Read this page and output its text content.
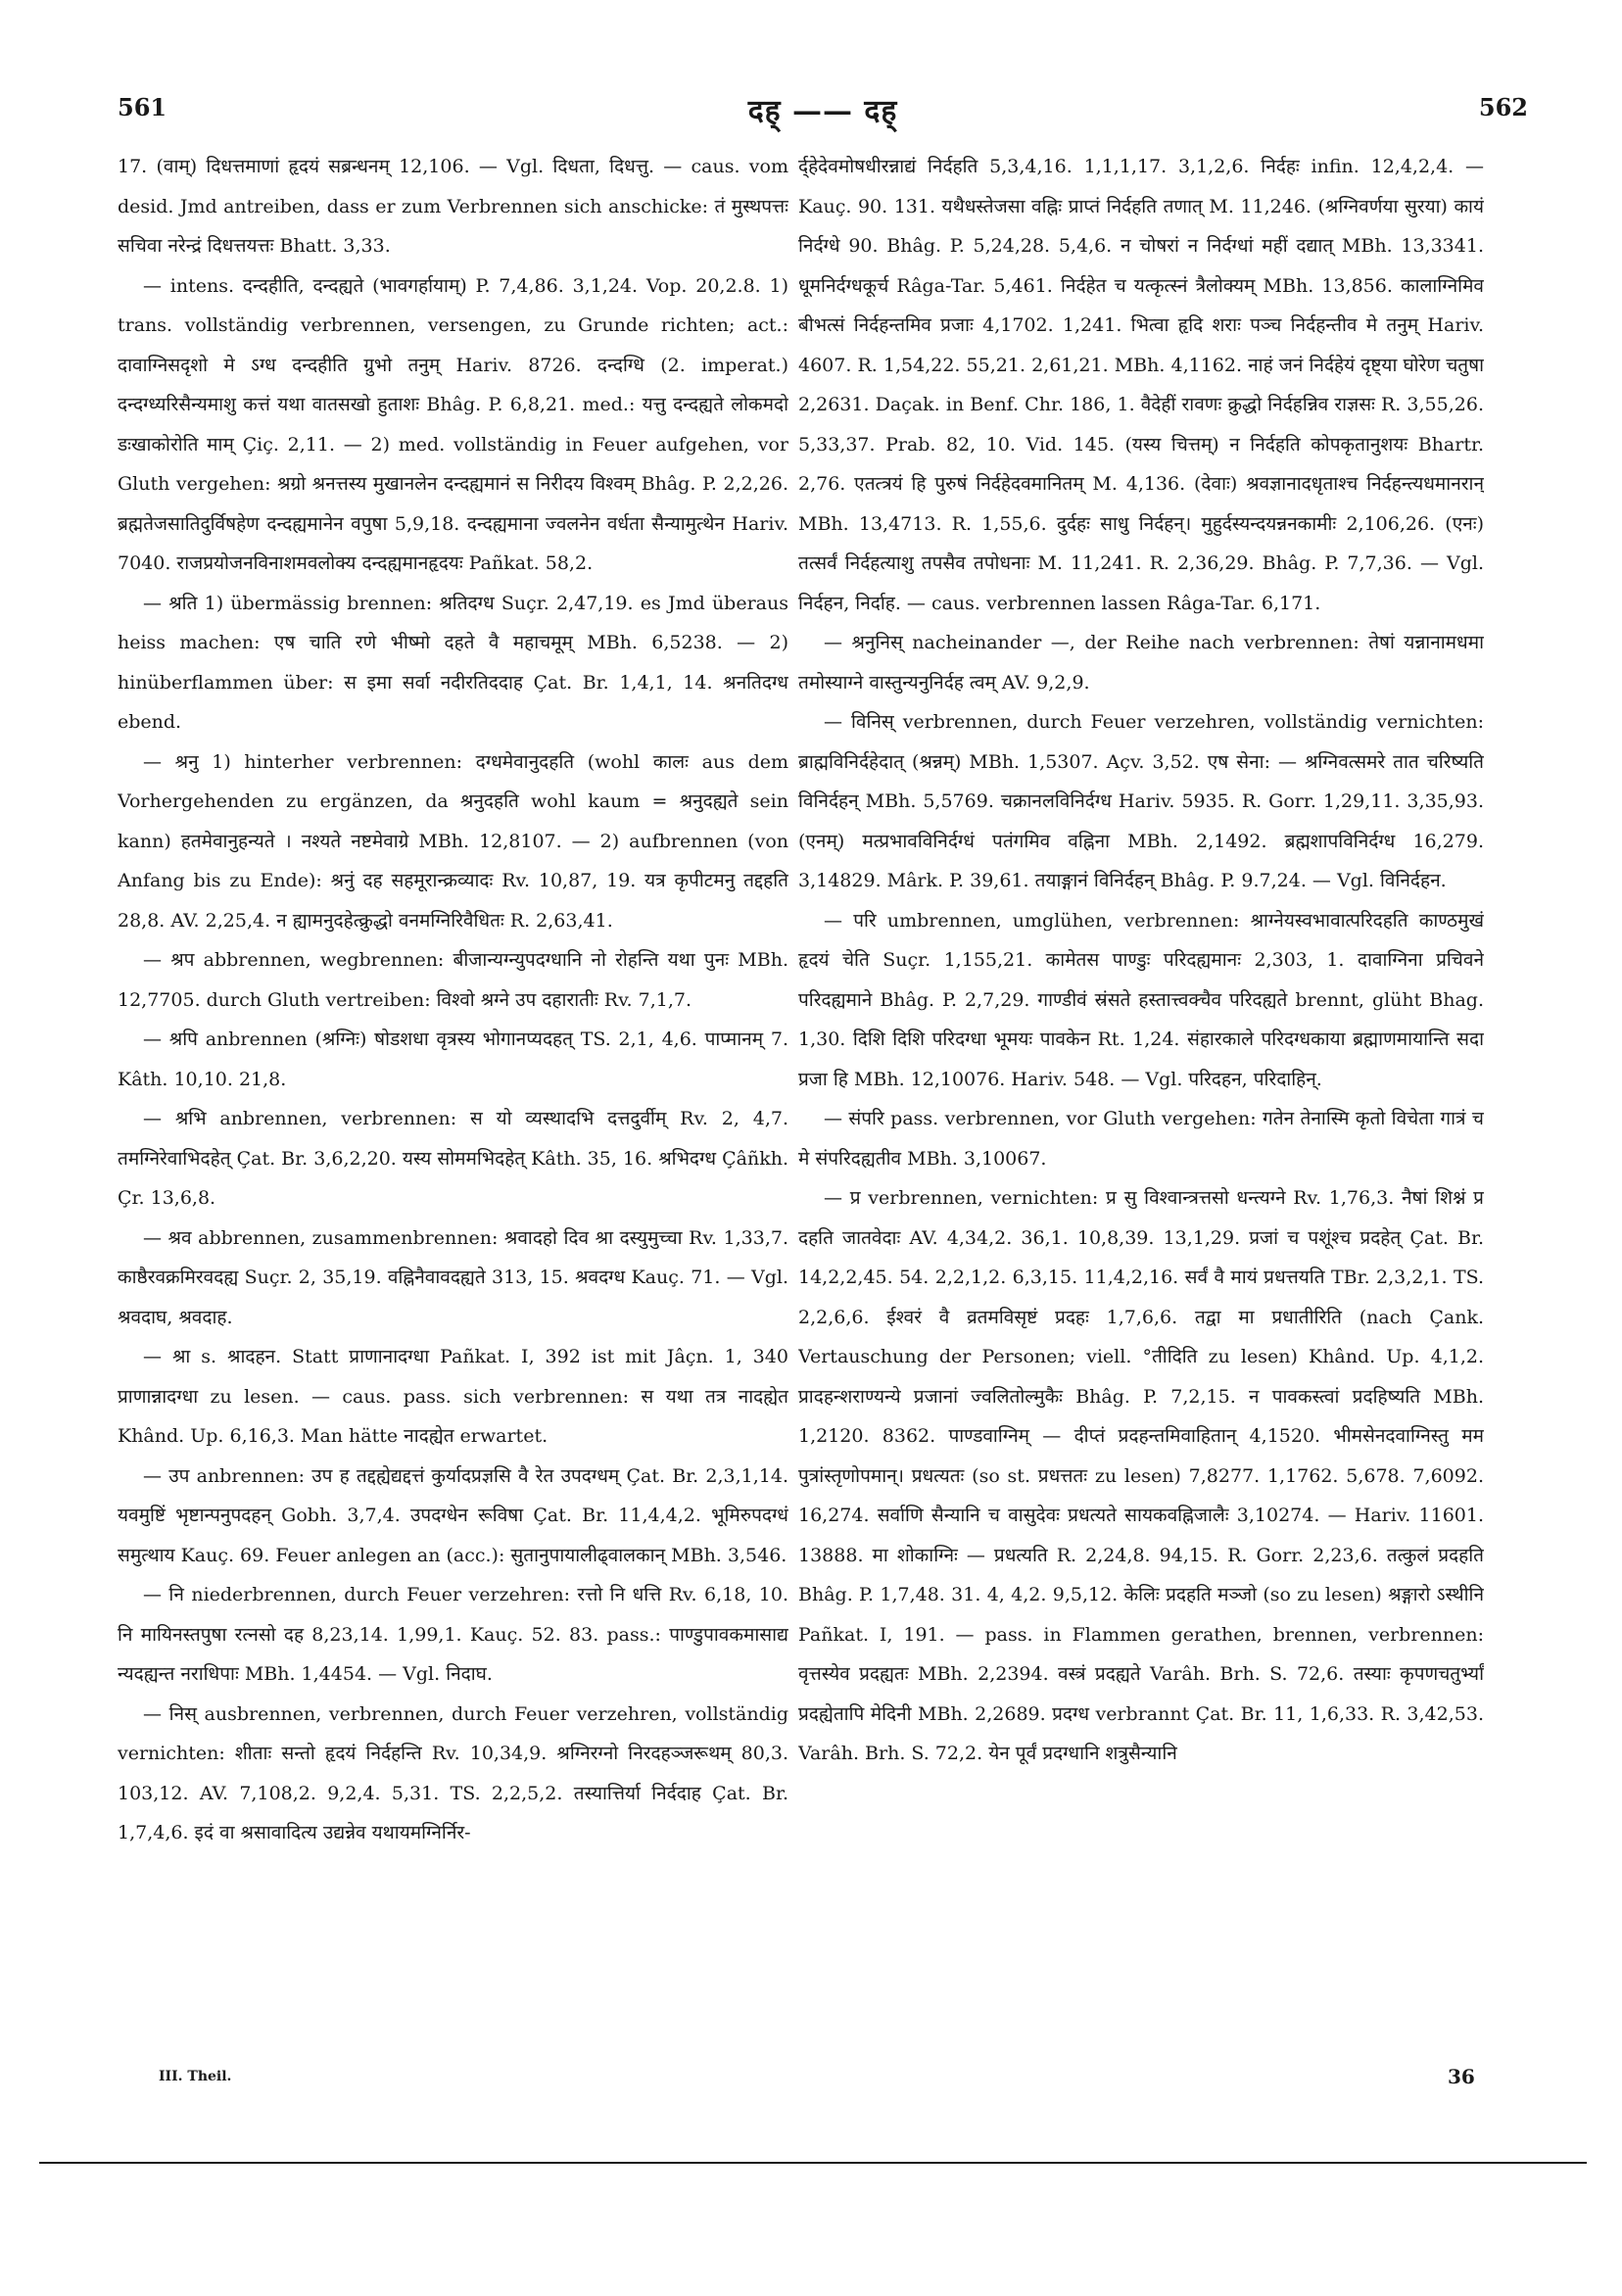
561	दह् —— दह्	562

17. (वाम्) दिधत्तमाणां हृदयं सब्रन्धनम् 12,106. — Vgl. दिधता, दिधत्तु. — caus. vom desid. Jmd antreiben, dass er zum Verbrennen sich anschicke: तं मुस्थपत्तः सचिवा नरेन्द्रं दिधत्तयत्तः Bhatt. 3,33.

— intens. दन्दहीति, दन्दह्यते (भावगर्हायाम्) P. 7,4,86. 3,1,24. Vop. 20,2.8. 1) trans. vollständig verbrennen, versengen, zu Grunde richten; act.: दावाग्निसदृशो मे ऽग्ध दन्दहीति ग्रुभो तनुम् Hariv. 8726. दन्दग्धि (2. imperat.) दन्दग्ध्यरिसैन्यमाशु कत्तं यथा वातसखो हुताशः Bhâg. P. 6,8,21. med.: यत्तु दन्दह्यते लोकमदो डःखाकोरोति माम् Çiç. 2,11. — 2) med. vollständig in Feuer aufgehen, vor Gluth vergehen: श्रग्रो श्रनत्तस्य मुखानलेन दन्दह्यमानं स निरीदय विश्वम् Bhâg. P. 2,2,26. ब्रह्मतेजसातिदुर्विषहेण दन्दह्यमानेन वपुषा 5,9,18. दन्दह्यमाना ज्वलनेन वर्धता सैन्यामुत्थेन Hariv. 7040. राजप्रयोजनविनाशमवलोक्य दन्दह्यमानहृदयः Pañkat. 58,2.

— श्रति 1) übermässig brennen: श्रतिदग्ध Suçr. 2,47,19. es Jmd überaus heiss machen: एष चाति रणे भीष्मो दहते वै महाचमूम् MBh. 6,5238. — 2) hinüberflammen über: स इमा सर्वा नदीरतिददाह Çat. Br. 1,4,1, 14. श्रनतिदग्ध ebend.

— श्रनु 1) hinterher verbrennen: दग्धमेवानुदहति (wohl कालः aus dem Vorhergehenden zu ergänzen, da श्रनुदहति wohl kaum = श्रनुदह्यते sein kann) हतमेवानुहन्यते । नश्यते नष्टमेवाग्रे MBh. 12,8107. — 2) aufbrennen (von Anfang bis zu Ende): श्रनुं दह सहमूरान्क्रव्यादः Rv. 10,87, 19. यत्र कृपीटमनु तद्दहति 28,8. AV. 2,25,4. न ह्यामनुदहेत्क्रुद्धो वनमग्निरिवैधितः R. 2,63,41.

— श्रप abbrennen, wegbrennen: बीजान्यग्न्युपदग्धानि नो रोहन्ति यथा पुनः MBh. 12,7705. durch Gluth vertreiben: विश्वो श्रग्ने उप दहारातीः Rv. 7,1,7.

— श्रपि anbrennen (श्रग्निः) षोडशधा वृत्रस्य भोगानप्यदहत् TS. 2,1, 4,6. पाप्मानम् 7. Kâth. 10,10. 21,8.

— श्रभि anbrennen, verbrennen: स यो व्यस्थादभि दत्तदुर्वीम् Rv. 2, 4,7. तमग्निरेवाभिदहेत् Çat. Br. 3,6,2,20. यस्य सोममभिदहेत् Kâth. 35, 16. श्रभिदग्ध Çâñkh. Çr. 13,6,8.

— श्रव abbrennen, zusammenbrennen: श्रवादहो दिव श्रा दस्युमुच्चा Rv. 1,33,7. काष्ठैरवक्रमिरवदह्य Suçr. 2, 35,19. वह्निनैवावदह्यते 313, 15. श्रवदग्ध Kauç. 71. — Vgl. श्रवदाघ, श्रवदाह.

— श्रा s. श्रादहन. Statt प्राणानादग्धा Pañkat. I, 392 ist mit Jâçn. 1, 340 प्राणान्नादग्धा zu lesen. — caus. pass. sich verbrennen: स यथा तत्र नादह्येत Khând. Up. 6,16,3. Man hätte नादह्येत erwartet.

— उप anbrennen: उप ह तद्दह्येद्यद्दत्तं कुर्यादप्रज्ञसि वै रेत उपदग्धम् Çat. Br. 2,3,1,14. यवमुष्टिं भृष्टान्पनुपदहन् Gobh. 3,7,4. उपदग्धेन रूविषा Çat. Br. 11,4,4,2. भूमिरुपदग्धं समुत्थाय Kauç. 69. Feuer anlegen an (acc.): सुतानुपायालीढ्वालकान् MBh. 3,546.

— नि niederbrennen, durch Feuer verzehren: रत्तो नि धत्ति Rv. 6,18, 10. नि मायिनस्तपुषा रत्नसो दह 8,23,14. 1,99,1. Kauç. 52. 83. pass.: पाण्डुपावकमासाद्य न्यदह्यन्त नराधिपाः MBh. 1,4454. — Vgl. निदाघ.

— निस् ausbrennen, verbrennen, durch Feuer verzehren, vollständig vernichten: शीताः सन्तो हृदयं निर्दहन्ति Rv. 10,34,9. श्रग्निरग्नो निरदहञ्जरूथम् 80,3. 103,12. AV. 7,108,2. 9,2,4. 5,31. TS. 2,2,5,2. तस्यात्तिर्या निर्ददाह Çat. Br. 1,7,4,6. इदं वा श्रसावादित्य उद्यन्नेव यथायमग्निर्निर-

र्द्हेदेवमोषधीरन्नाद्यं निर्दहति 5,3,4,16. 1,1,1,17. 3,1,2,6. निर्दहः infin. 12,4,2,4. — Kauç. 90. 131. यथैधस्तेजसा वह्निः प्राप्तं निर्दहति तणात् M. 11,246. (श्रग्निवर्णया सुरया) कायं निर्दग्धे 90. Bhâg. P. 5,24,28. 5,4,6. न चोषरां न निर्दग्धां महीं दद्यात् MBh. 13,3341. धूमनिर्दग्धकूर्च Râga-Tar. 5,461. निर्दहेत च यत्कृत्स्नं त्रैलोक्यम् MBh. 13,856. कालाग्निमिव बीभत्सं निर्दहन्तमिव प्रजाः 4,1702. 1,241. भित्वा हृदि शराः पञ्च निर्दहन्तीव मे तनुम् Hariv. 4607. R. 1,54,22. 55,21. 2,61,21. MBh. 4,1162. नाहं जनं निर्दहेयं दृष्ट्या घोरेण चतुषा 2,2631. Daçak. in Benf. Chr. 186, 1. वैदेहीं रावणः क्रुद्धो निर्दहन्निव राज्ञसः R. 3,55,26. 5,33,37. Prab. 82, 10. Vid. 145. (यस्य चित्तम्) न निर्दहति कोपकृतानुशयः Bhartr. 2,76. एतत्त्रयं हि पुरुषं निर्दहेदवमानितम् M. 4,136. (देवाः) श्रवज्ञानादधृताश्च निर्दहन्त्यधमानरान् MBh. 13,4713. R. 1,55,6. दुर्दहः साधु निर्दहन्। मुहुर्दस्यन्दयन्ननकामीः 2,106,26. (एनः) तत्सर्वं निर्दहत्याशु तपसैव तपोधनाः M. 11,241. R. 2,36,29. Bhâg. P. 7,7,36. — Vgl. निर्दहन, निर्दाह. — caus. verbrennen lassen Râga-Tar. 6,171.

— श्रनुनिस् nacheinander —, der Reihe nach verbrennen: तेषां यन्नानामधमा तमोस्याग्ने वास्तुन्यनुनिर्दह त्वम् AV. 9,2,9.

— विनिस् verbrennen, durch Feuer verzehren, vollständig vernichten: ब्राह्मविनिर्दहेदात् (श्रन्नम्) MBh. 1,5307. Açv. 3,52. एष सेना: — श्रग्निवत्समरे तात चरिष्यति विनिर्दहन् MBh. 5,5769. चक्रानलविनिर्दग्ध Hariv. 5935. R. Gorr. 1,29,11. 3,35,93. (एनम्) मत्प्रभावविनिर्दग्धं पतंगमिव वह्निना MBh. 2,1492. ब्रह्मशापविनिर्दग्ध 16,279. 3,14829. Mârk. P. 39,61. तयाङ्गानं विनिर्दहन् Bhâg. P. 9.7,24. — Vgl. विनिर्दहन.

— परि umbrennen, umglühen, verbrennen: श्राग्नेयस्वभावात्परिदहति काण्ठमुखं हृदयं चेति Suçr. 1,155,21. कामेतस पाण्डुः परिदह्यमानः 2,303, 1. दावाग्निना प्रचिवने परिदह्यमाने Bhâg. P. 2,7,29. गाण्डीवं स्रंसते हस्तात्त्वक्चैव परिदह्यते brennt, glüht Bhag. 1,30. दिशि दिशि परिदग्धा भूमयः पावकेन Rt. 1,24. संहारकाले परिदग्धकाया ब्रह्माणमायान्ति सदा प्रजा हि MBh. 12,10076. Hariv. 548. — Vgl. परिदहन, परिदाहिन्.

— संपरि pass. verbrennen, vor Gluth vergehen: गतेन तेनास्मि कृतो विचेता गात्रं च मे संपरिदह्यतीव MBh. 3,10067.

— प्र verbrennen, vernichten: प्र सु विश्वान्त्रत्तसो धन्त्यग्ने Rv. 1,76,3. नैषां शिश्नं प्र दहति जातवेदाः AV. 4,34,2. 36,1. 10,8,39. 13,1,29. प्रजां च पशूंश्च प्रदहेत् Çat. Br. 14,2,2,45. 54. 2,2,1,2. 6,3,15. 11,4,2,16. सर्वं वै मायं प्रधत्तयति TBr. 2,3,2,1. TS. 2,2,6,6. ईश्वरं वै व्रतमविसृष्टं प्रदहः 1,7,6,6. तद्वा मा प्रधातीरिति (nach Çank. Vertauschung der Personen; viell. °तीदिति zu lesen) Khând. Up. 4,1,2. प्रादहन्शराण्यन्ये प्रजानां ज्वलितोल्मुकैः Bhâg. P. 7,2,15. न पावकस्त्वां प्रदहिष्यति MBh. 1,2120. 8362. पाण्डवाग्निम् — दीप्तं प्रदहन्तमिवाहितान् 4,1520. भीमसेनदवाग्निस्तु मम पुत्रांस्तृणोपमान्। प्रधत्यतः (so st. प्रधत्ततः zu lesen) 7,8277. 1,1762. 5,678. 7,6092. 16,274. सर्वाणि सैन्यानि च वासुदेवः प्रधत्यते सायकवह्निजालैः 3,10274. — Hariv. 11601. 13888. मा शोकाग्निः — प्रधत्यति R. 2,24,8. 94,15. R. Gorr. 2,23,6. तत्कुलं प्रदहति Bhâg. P. 1,7,48. 31. 4, 4,2. 9,5,12. केलिः प्रदहति मञ्जो (so zu lesen) श्रङ्गारो ऽस्थीनि Pañkat. I, 191. — pass. in Flammen gerathen, brennen, verbrennen: वृत्तस्येव प्रदह्यतः MBh. 2,2394. वस्त्रं प्रदह्यते Varâh. Brh. S. 72,6. तस्याः कृपणचतुर्भ्यां प्रदह्येतापि मेदिनी MBh. 2,2689. प्रदग्ध verbrannt Çat. Br. 11, 1,6,33. R. 3,42,53. Varâh. Brh. S. 72,2. येन पूर्वं प्रदग्धानि शत्रुसैन्यानि

III. Theil.	36
